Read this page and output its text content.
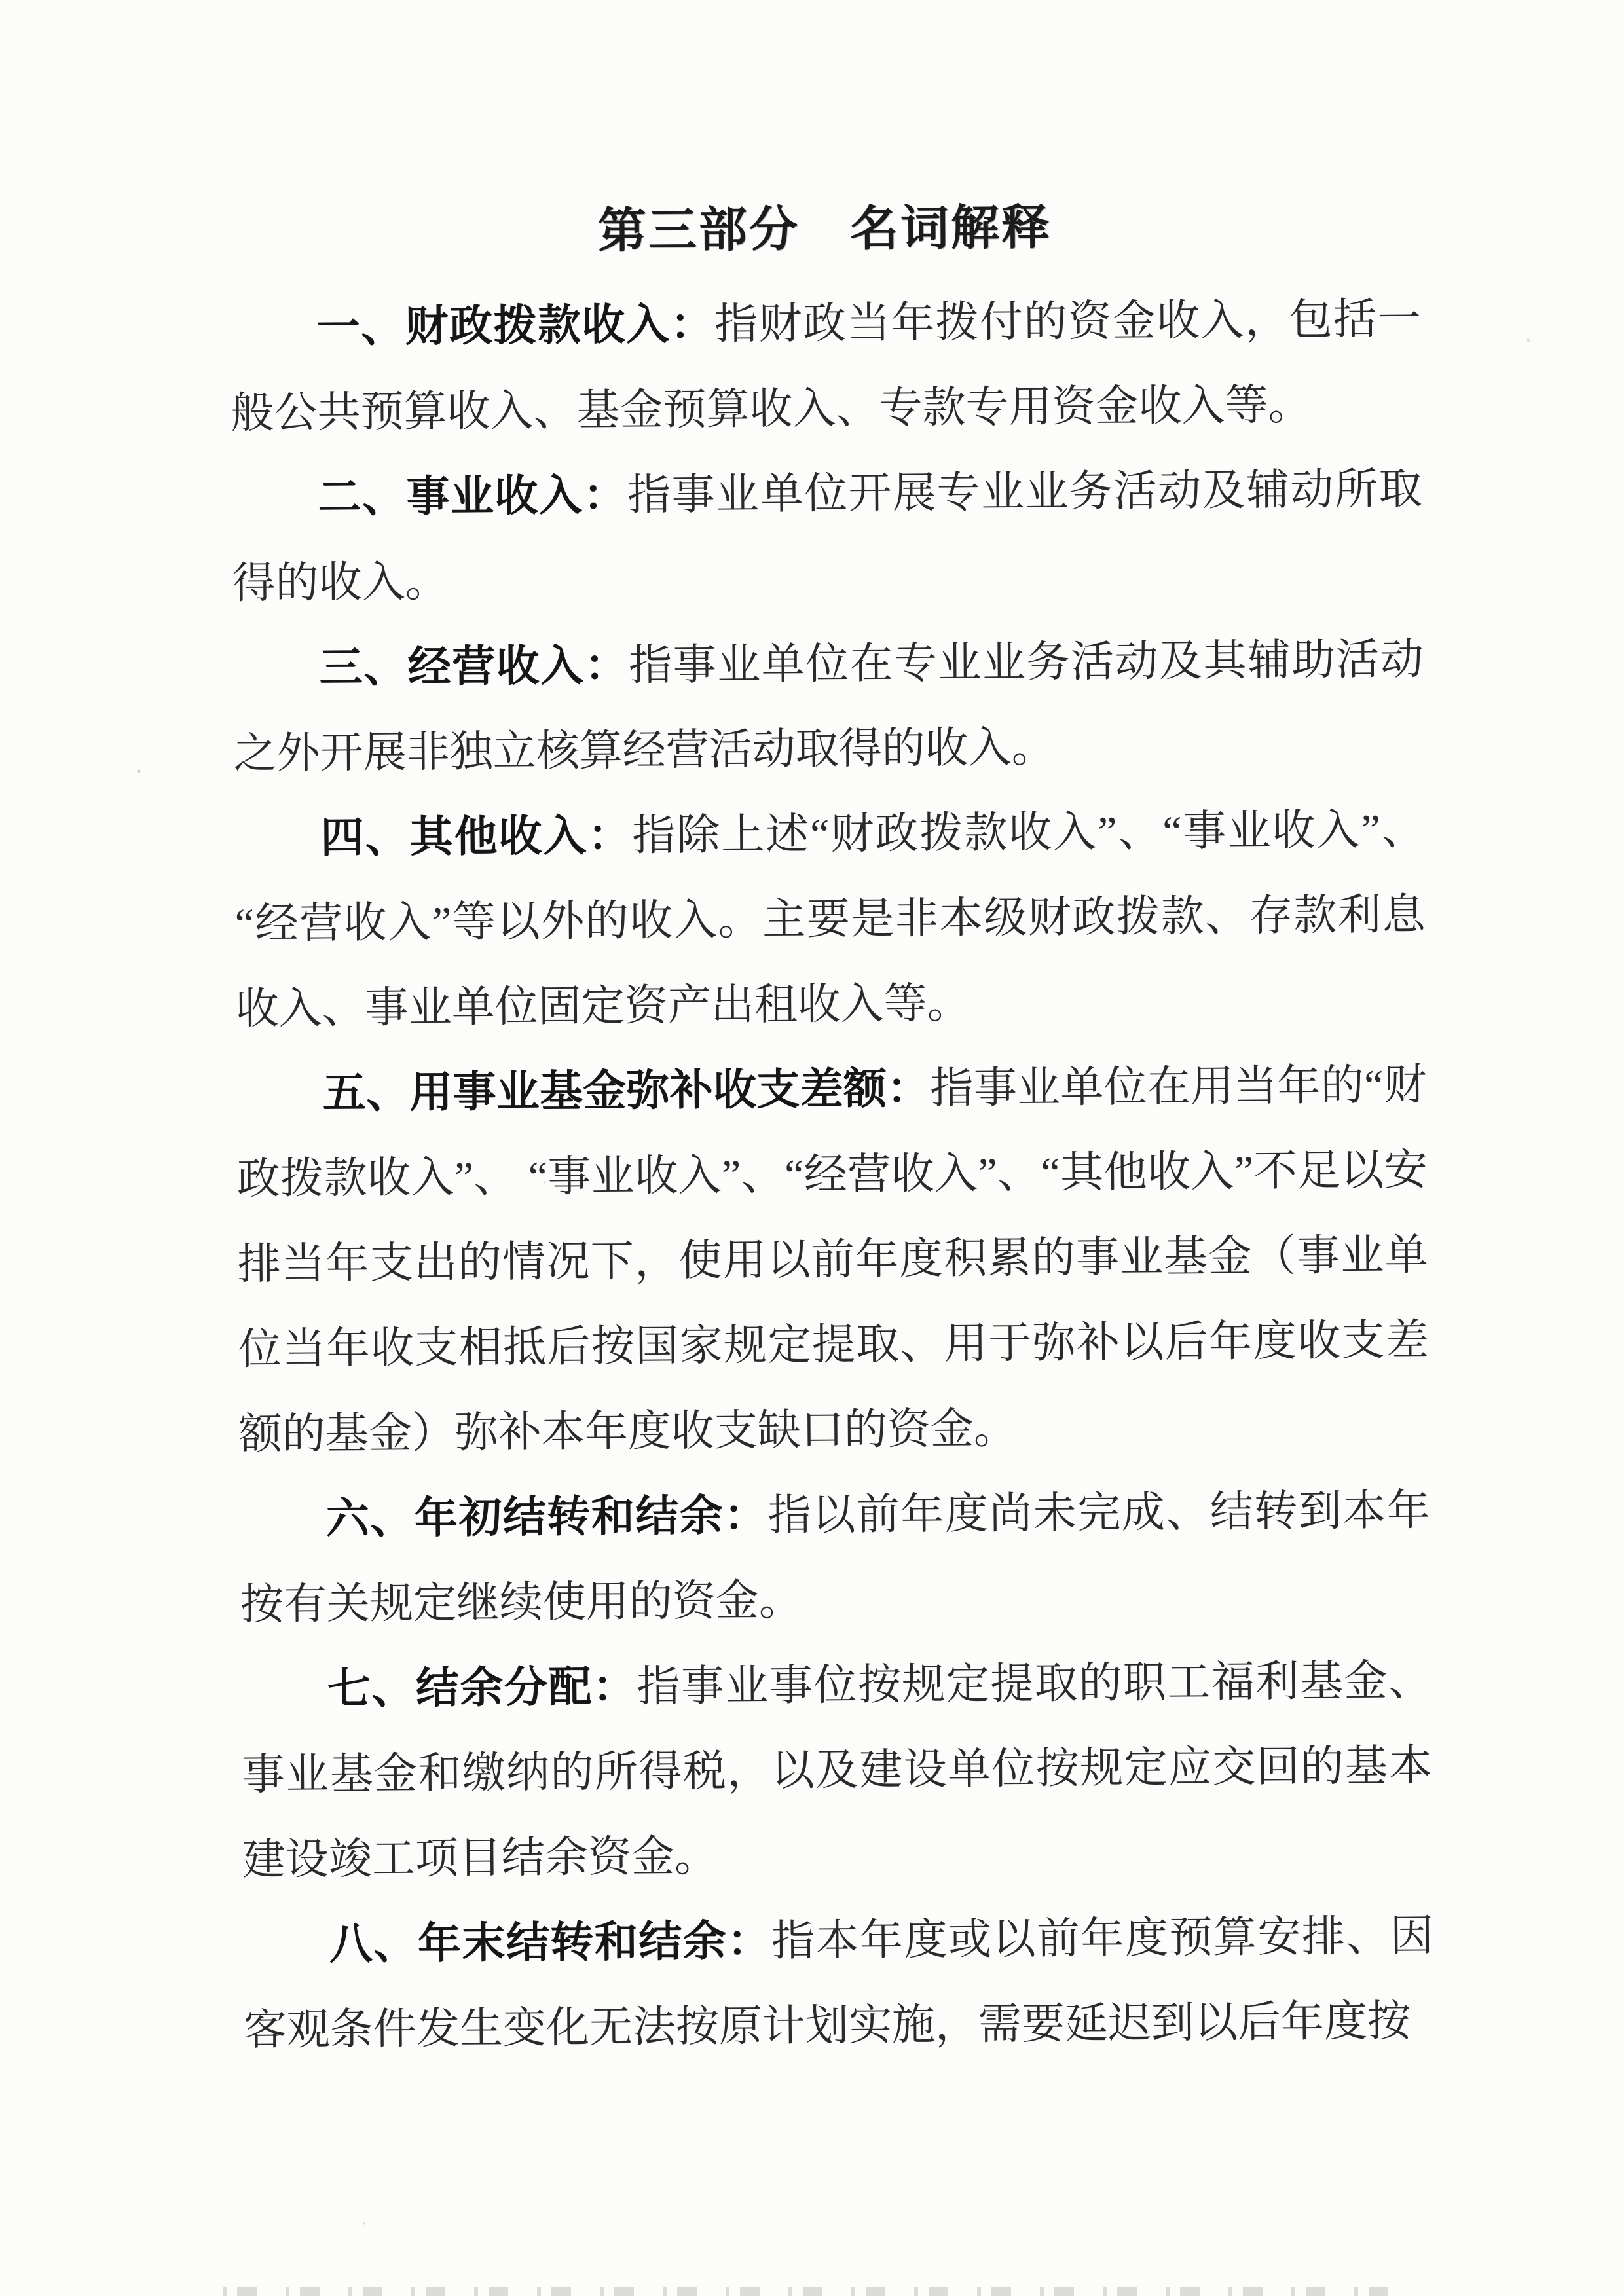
第三部分　名词解释

一、财政拨款收入：指财政当年拨付的资金收入，包括一般公共预算收入、基金预算收入、专款专用资金收入等。

二、事业收入：指事业单位开展专业业务活动及辅动所取得的收入。

三、经营收入：指事业单位在专业业务活动及其辅助活动之外开展非独立核算经营活动取得的收入。

四、其他收入：指除上述“财政拨款收入”、“事业收入”、“经营收入”等以外的收入。主要是非本级财政拨款、存款利息收入、事业单位固定资产出租收入等。

五、用事业基金弥补收支差额：指事业单位在用当年的“财政拨款收入”、 “事业收入”、“经营收入”、“其他收入”不足以安排当年支出的情况下，使用以前年度积累的事业基金（事业单位当年收支相抵后按国家规定提取、用于弥补以后年度收支差额的基金）弥补本年度收支缺口的资金。

六、年初结转和结余：指以前年度尚未完成、结转到本年按有关规定继续使用的资金。

七、结余分配：指事业事位按规定提取的职工福利基金、事业基金和缴纳的所得税，以及建设单位按规定应交回的基本建设竣工项目结余资金。

八、年末结转和结余：指本年度或以前年度预算安排、因客观条件发生变化无法按原计划实施，需要延迟到以后年度按
